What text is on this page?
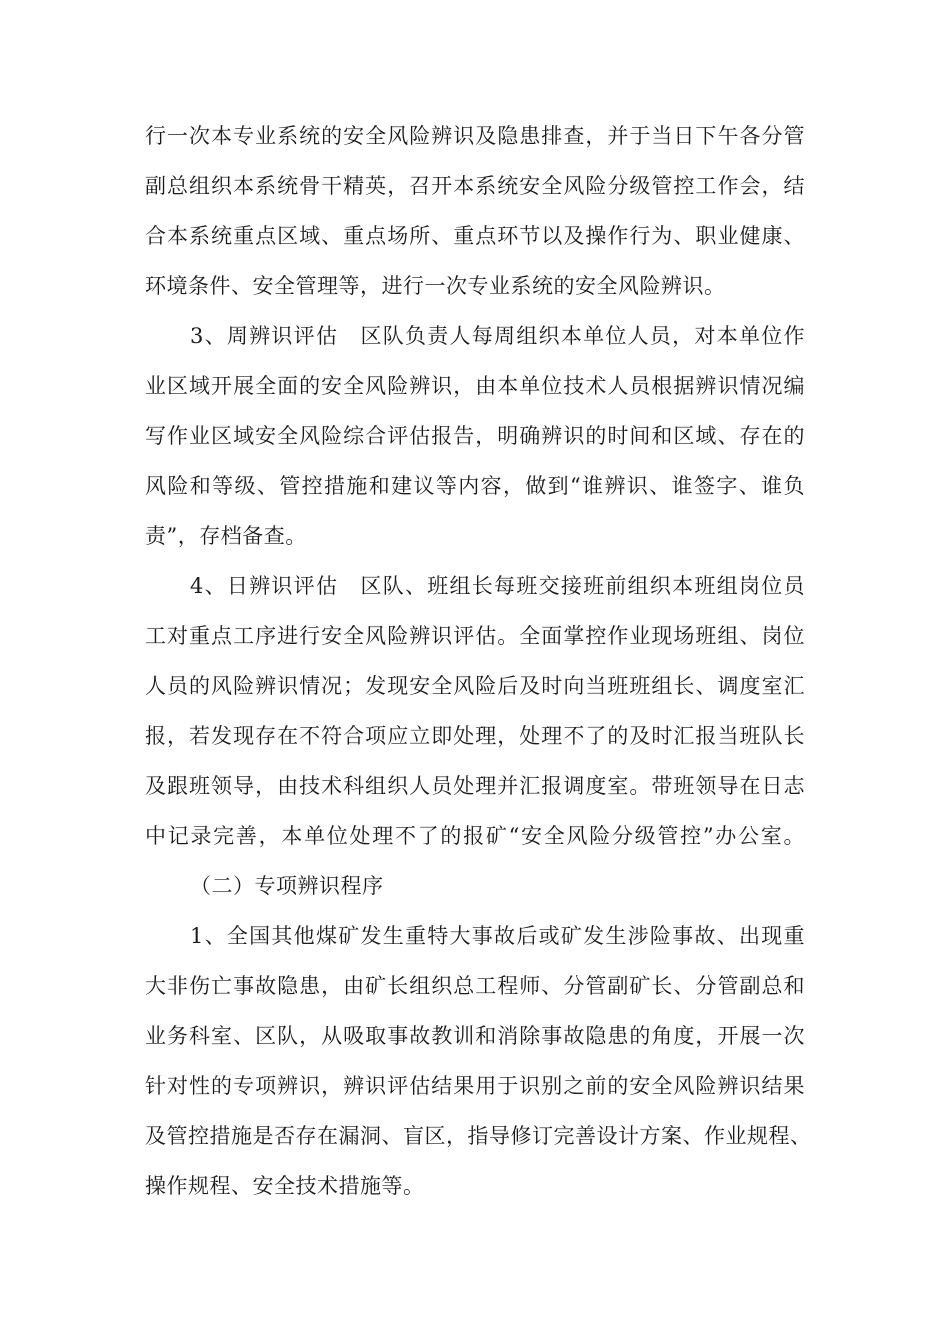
行一次本专业系统的安全风险辨识及隐患排查，并于当日下午各分管
副总组织本系统骨干精英，召开本系统安全风险分级管控工作会，结
合本系统重点区域、重点场所、重点环节以及操作行为、职业健康、
环境条件、安全管理等，进行一次专业系统的安全风险辨识。
3、周辨识评估　区队负责人每周组织本单位人员，对本单位作
业区域开展全面的安全风险辨识，由本单位技术人员根据辨识情况编
写作业区域安全风险综合评估报告，明确辨识的时间和区域、存在的
风险和等级、管控措施和建议等内容，做到“谁辨识、谁签字、谁负
责”，存档备查。
4、日辨识评估　区队、班组长每班交接班前组织本班组岗位员
工对重点工序进行安全风险辨识评估。全面掌控作业现场班组、岗位
人员的风险辨识情况；发现安全风险后及时向当班班组长、调度室汇
报，若发现存在不符合项应立即处理，处理不了的及时汇报当班队长
及跟班领导，由技术科组织人员处理并汇报调度室。带班领导在日志
中记录完善，本单位处理不了的报矿“安全风险分级管控”办公室。
（二）专项辨识程序
1、全国其他煤矿发生重特大事故后或矿发生涉险事故、出现重
大非伤亡事故隐患，由矿长组织总工程师、分管副矿长、分管副总和
业务科室、区队，从吸取事故教训和消除事故隐患的角度，开展一次
针对性的专项辨识，辨识评估结果用于识别之前的安全风险辨识结果
及管控措施是否存在漏洞、盲区，指导修订完善设计方案、作业规程、
操作规程、安全技术措施等。
